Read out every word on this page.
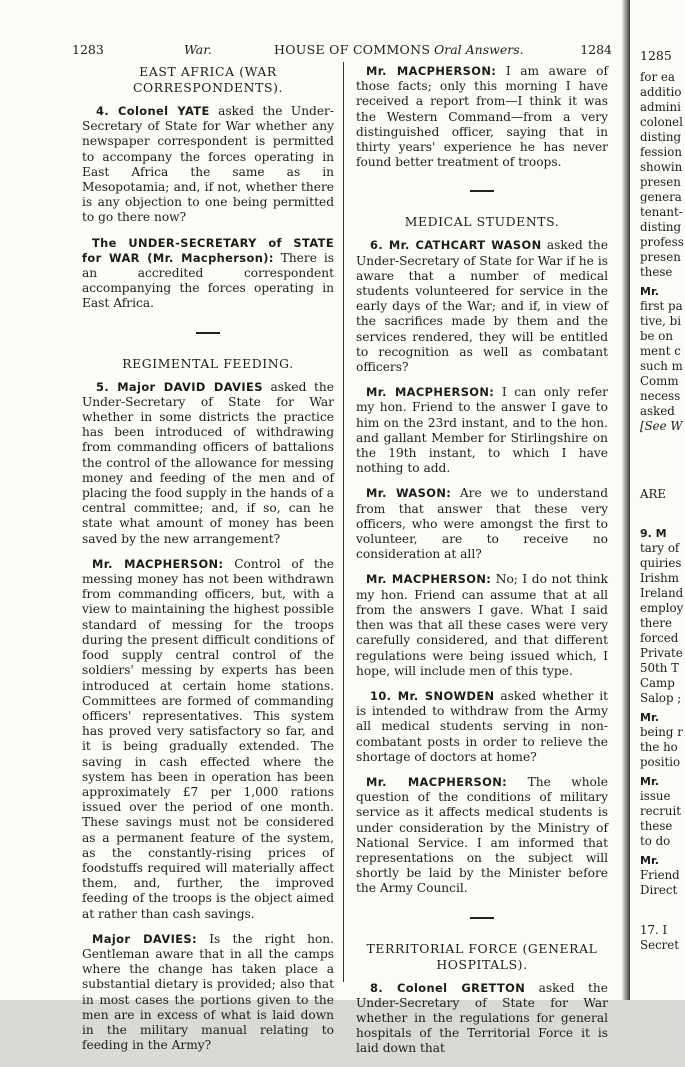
1283	War.	HOUSE OF COMMONS Oral Answers.	1284
EAST AFRICA (WAR CORRESPONDENTS).

4. Colonel YATE asked the Under-Secretary of State for War whether any newspaper correspondent is permitted to accompany the forces operating in East Africa the same as in Mesopotamia; and, if not, whether there is any objection to one being permitted to go there now?

The UNDER-SECRETARY of STATE for WAR (Mr. Macpherson): There is an accredited correspondent accompanying the forces operating in East Africa.

REGIMENTAL FEEDING.

5. Major DAVID DAVIES asked the Under-Secretary of State for War whether in some districts the practice has been introduced of withdrawing from commanding officers of battalions the control of the allowance for messing money and feeding of the men and of placing the food supply in the hands of a central committee; and, if so, can he state what amount of money has been saved by the new arrangement?

Mr. MACPHERSON: Control of the messing money has not been withdrawn from commanding officers, but, with a view to maintaining the highest possible standard of messing for the troops during the present difficult conditions of food supply central control of the soldiers' messing by experts has been introduced at certain home stations. Committees are formed of commanding officers' representatives. This system has proved very satisfactory so far, and it is being gradually extended. The saving in cash effected where the system has been in operation has been approximately £7 per 1,000 rations issued over the period of one month. These savings must not be considered as a permanent feature of the system, as the constantly-rising prices of foodstuffs required will materially affect them, and, further, the improved feeding of the troops is the object aimed at rather than cash savings.

Major DAVIES: Is the right hon. Gentleman aware that in all the camps where the change has taken place a substantial dietary is provided; also that in most cases the portions given to the men are in excess of what is laid down in the military manual relating to feeding in the Army?

Mr. MACPHERSON: I am aware of those facts; only this morning I have received a report from—I think it was the Western Command—from a very distinguished officer, saying that in thirty years' experience he has never found better treatment of troops.

MEDICAL STUDENTS.

6. Mr. CATHCART WASON asked the Under-Secretary of State for War if he is aware that a number of medical students volunteered for service in the early days of the War; and if, in view of the sacrifices made by them and the services rendered, they will be entitled to recognition as well as combatant officers?

Mr. MACPHERSON: I can only refer my hon. Friend to the answer I gave to him on the 23rd instant, and to the hon. and gallant Member for Stirlingshire on the 19th instant, to which I have nothing to add.

Mr. WASON: Are we to understand from that answer that these very officers, who were amongst the first to volunteer, are to receive no consideration at all?

Mr. MACPHERSON: No; I do not think my hon. Friend can assume that at all from the answers I gave. What I said then was that all these cases were very carefully considered, and that different regulations were being issued which, I hope, will include men of this type.

10. Mr. SNOWDEN asked whether it is intended to withdraw from the Army all medical students serving in non-combatant posts in order to relieve the shortage of doctors at home?

Mr. MACPHERSON: The whole question of the conditions of military service as it affects medical students is under consideration by the Ministry of National Service. I am informed that representations on the subject will shortly be laid by the Minister before the Army Council.

TERRITORIAL FORCE (GENERAL HOSPITALS).

8. Colonel GRETTON asked the Under-Secretary of State for War whether in the regulations for general hospitals of the Territorial Force it is laid down that

1285
for ea
additio
admini
colonel
disting
fession
showin
presen
genera
tenant-
disting
profess
presen
these
Mr.
first pa
tive, bi
be on
ment c
such m
Comm
necess
asked
[See W
ARE
9. M
tary of
quiries
Irishm
Ireland
employ
there
forced
Private
50th T
Camp
Salop ;
Mr.
being r
the ho
positio
Mr.
issue
recruit
these
to do
Mr.
Friend
Direct
17. I
Secret
